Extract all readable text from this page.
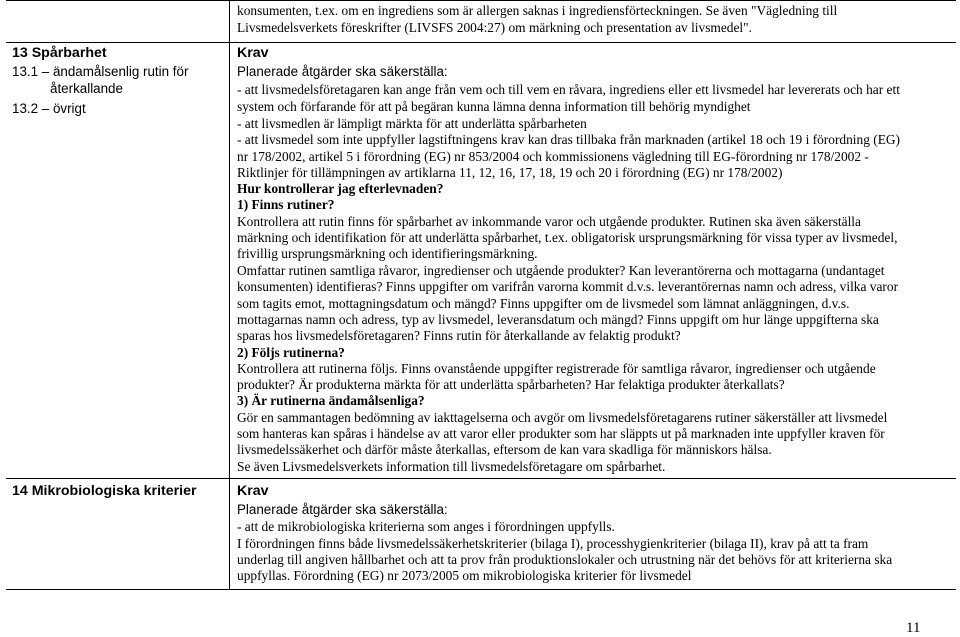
konsumenten, t.ex. om en ingrediens som är allergen saknas i ingrediensförteckningen. Se även "Vägledning till
Livsmedelsverkets föreskrifter (LIVSFS 2004:27) om märkning och presentation av livsmedel".
13 Spårbarhet
13.1 – ändamålsenlig rutin för
återkallande
13.2 – övrigt
Krav
Planerade åtgärder ska säkerställa:
- att livsmedelsföretagaren kan ange från vem och till vem en råvara, ingrediens eller ett livsmedel har levererats och har ett
system och förfarande för att på begäran kunna lämna denna information till behörig myndighet
- att livsmedlen är lämpligt märkta för att underlätta spårbarheten
- att livsmedel som inte uppfyller lagstiftningens krav kan dras tillbaka från marknaden (artikel 18 och 19 i förordning (EG)
nr 178/2002, artikel 5 i förordning (EG) nr 853/2004 och kommissionens vägledning till EG-förordning nr 178/2002 -
Riktlinjer för tillämpningen av artiklarna 11, 12, 16, 17, 18, 19 och 20 i förordning (EG) nr 178/2002)
Hur kontrollerar jag efterlevnaden?
1) Finns rutiner?
Kontrollera att rutin finns för spårbarhet av inkommande varor och utgående produkter. Rutinen ska även säkerställa
märkning och identifikation för att underlätta spårbarhet, t.ex. obligatorisk ursprungsmärkning för vissa typer av livsmedel,
frivillig ursprungsmärkning och identifieringsmärkning.
Omfattar rutinen samtliga råvaror, ingredienser och utgående produkter? Kan leverantörerna och mottagarna (undantaget
konsumenten) identifieras? Finns uppgifter om varifrån varorna kommit d.v.s. leverantörernas namn och adress, vilka varor
som tagits emot, mottagningsdatum och mängd? Finns uppgifter om de livsmedel som lämnat anläggningen, d.v.s.
mottagarnas namn och adress, typ av livsmedel, leveransdatum och mängd? Finns uppgift om hur länge uppgifterna ska
sparas hos livsmedelsföretagaren? Finns rutin för återkallande av felaktig produkt?
2) Följs rutinerna?
Kontrollera att rutinerna följs. Finns ovanstående uppgifter registrerade för samtliga råvaror, ingredienser och utgående
produkter? Är produkterna märkta för att underlätta spårbarheten? Har felaktiga produkter återkallats?
3) Är rutinerna ändamålsenliga?
Gör en sammantagen bedömning av iakttagelserna och avgör om livsmedelsföretagarens rutiner säkerställer att livsmedel
som hanteras kan spåras i händelse av att varor eller produkter som har släppts ut på marknaden inte uppfyller kraven för
livsmedelssäkerhet och därför måste återkallas, eftersom de kan vara skadliga för människors hälsa.
Se även Livsmedelsverkets information till livsmedelsföretagare om spårbarhet.
14 Mikrobiologiska kriterier	Krav
Planerade åtgärder ska säkerställa:
- att de mikrobiologiska kriterierna som anges i förordningen uppfylls.
I förordningen finns både livsmedelssäkerhetskriterier (bilaga I), processhygienkriterier (bilaga II), krav på att ta fram
underlag till angiven hållbarhet och att ta prov från produktionslokaler och utrustning när det behövs för att kriterierna ska
uppfyllas. Förordning (EG) nr 2073/2005 om mikrobiologiska kriterier för livsmedel
11
